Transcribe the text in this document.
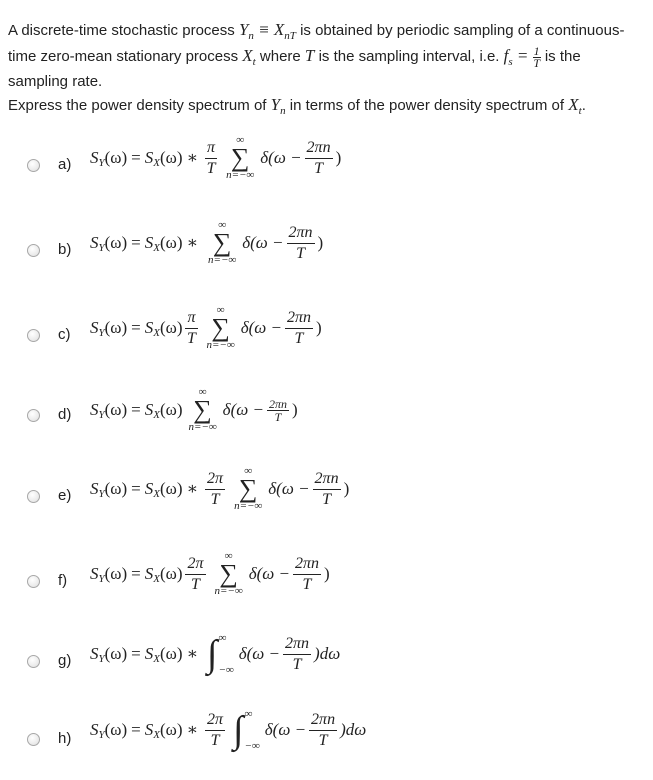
A discrete-time stochastic process $Y_n \equiv X_{nT}$ is obtained by periodic sampling of a continuous-time zero-mean stationary process $X_t$ where T is the sampling interval, i.e. $f_s = \frac{1}{T}$ is the sampling rate.
Express the power density spectrum of $Y_n$ in terms of the power density spectrum of $X_t$.
a) SY (ω) = SX (ω) ∗ $\frac{\pi}{T}$ ∞
∑
n=−∞
$\delta(\omega - \frac{2\pi n}{T}$ )
b) SY (ω) = SX (ω) ∗
∞
∑
n=−∞
$\delta(\omega - \frac{2\pi n}{T}$ )
c) SY (ω) = SX $(\omega) \frac{\pi}{T}$ ∞
∑
n=−∞
$\delta(\omega - \frac{2\pi n}{T}$ )
d) SY (ω) = SX (ω)
∞
∑
n=−∞
$\delta(\omega - \frac{2\pi n}{T}$ )
e) SY (ω) = SX (ω) ∗ $\frac{2\pi}{T}$ ∞
∑
n=−∞
$\delta(\omega - \frac{2\pi n}{T}$ )
f) SY (ω) = SX $(\omega) \frac{2\pi}{T}$ ∞
∑
n=−∞
$\delta(\omega - \frac{2\pi n}{T}$ )
g) SY (ω) = SX (ω) ∗ ∫ ∞
−∞
$\delta(\omega - \frac{2\pi n}{T} )d\omega$
h) SY (ω) = SX (ω) ∗ $\frac{2\pi}{T}$ ∫ ∞
−∞
$\delta(\omega - \frac{2\pi n}{T} )d\omega$
